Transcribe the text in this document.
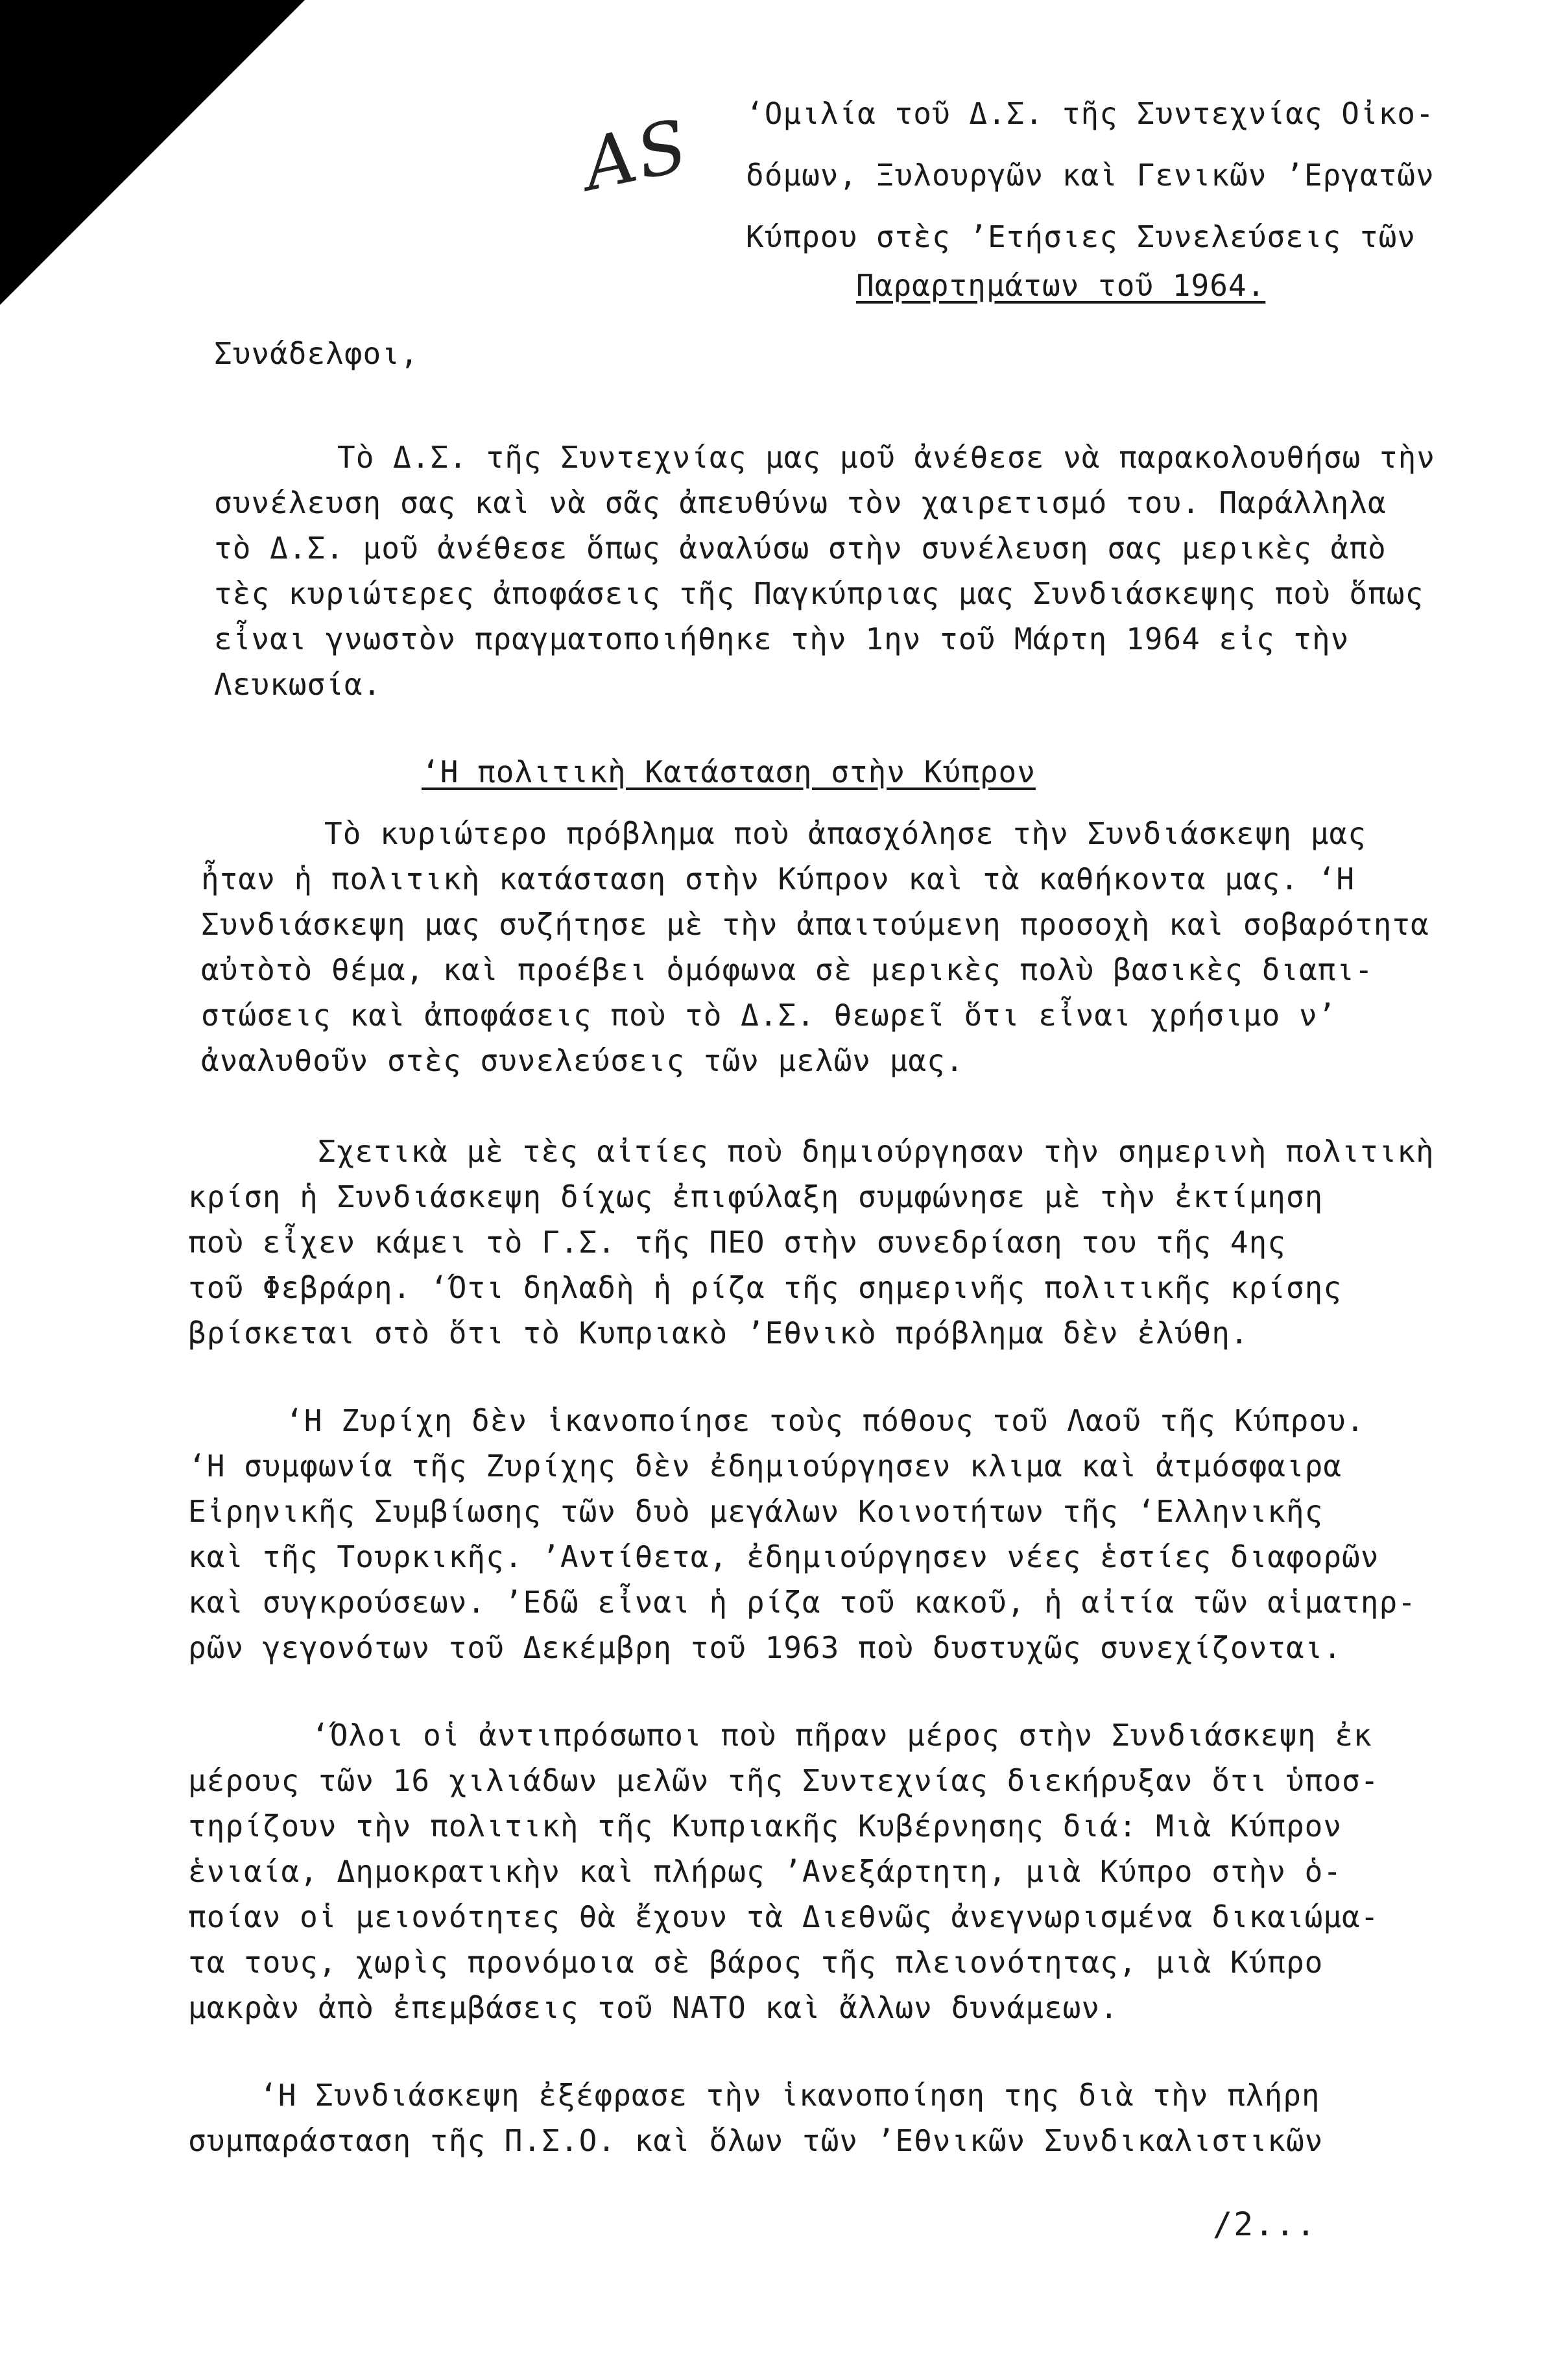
AS ‘Ομιλία τοῦ Δ.Σ. τῆς Συντεχνίας Οἰκο-
δόμων, Ξυλουργῶν καὶ Γενικῶν ’Εργατῶν
Κύπρου στὲς ’Ετήσιες Συνελεύσεις τῶν
Παραρτημάτων τοῦ 1964.
Συνάδελφοι,
Τὸ Δ.Σ. τῆς Συντεχνίας μας μοῦ ἀνέθεσε νὰ παρακολουθήσω τὴν
συνέλευση σας καὶ νὰ σᾶς ἀπευθύνω τὸν χαιρετισμό του. Παράλληλα
τὸ Δ.Σ. μοῦ ἀνέθεσε ὅπως ἀναλύσω στὴν συνέλευση σας μερικὲς ἀπὸ
τὲς κυριώτερες ἀποφάσεις τῆς Παγκύπριας μας Συνδιάσκεψης ποὺ ὅπως
εἶναι γνωστὸν πραγματοποιήθηκε τὴν 1ην τοῦ Μάρτη 1964 εἰς τὴν
Λευκωσία.
‘Η πολιτικὴ Κατάσταση στὴν Κύπρον
Τὸ κυριώτερο πρόβλημα ποὺ ἀπασχόλησε τὴν Συνδιάσκεψη μας
ἦταν ἡ πολιτικὴ κατάσταση στὴν Κύπρον καὶ τὰ καθήκοντα μας. ‘Η
Συνδιάσκεψη μας συζήτησε μὲ τὴν ἀπαιτούμενη προσοχὴ καὶ σοβαρότητα
αὐτὸτὸ θέμα, καὶ προέβει ὁμόφωνα σὲ μερικὲς πολὺ βασικὲς διαπι-
στώσεις καὶ ἀποφάσεις ποὺ τὸ Δ.Σ. θεωρεῖ ὅτι εἶναι χρήσιμο ν’
ἀναλυθοῦν στὲς συνελεύσεις τῶν μελῶν μας.
Σχετικὰ μὲ τὲς αἰτίες ποὺ δημιούργησαν τὴν σημερινὴ πολιτικὴ
κρίση ἡ Συνδιάσκεψη δίχως ἐπιφύλαξη συμφώνησε μὲ τὴν ἐκτίμηση
ποὺ εἶχεν κάμει τὸ Γ.Σ. τῆς ΠΕΟ στὴν συνεδρίαση του τῆς 4ης
τοῦ Φεβράρη. ‘Ότι δηλαδὴ ἡ ρίζα τῆς σημερινῆς πολιτικῆς κρίσης
βρίσκεται στὸ ὅτι τὸ Κυπριακὸ ’Εθνικὸ πρόβλημα δὲν ἐλύθη.
‘Η Ζυρίχη δὲν ἱκανοποίησε τοὺς πόθους τοῦ Λαοῦ τῆς Κύπρου.
‘Η συμφωνία τῆς Ζυρίχης δὲν ἐδημιούργησεν κλιμα καὶ ἀτμόσφαιρα
Εἰρηνικῆς Συμβίωσης τῶν δυὸ μεγάλων Κοινοτήτων τῆς ‘Ελληνικῆς
καὶ τῆς Τουρκικῆς. ’Αντίθετα, ἐδημιούργησεν νέες ἑστίες διαφορῶν
καὶ συγκρούσεων. ’Εδῶ εἶναι ἡ ρίζα τοῦ κακοῦ, ἡ αἰτία τῶν αἱματηρ-
ρῶν γεγονότων τοῦ Δεκέμβρη τοῦ 1963 ποὺ δυστυχῶς συνεχίζονται.
‘Όλοι οἱ ἀντιπρόσωποι ποὺ πῆραν μέρος στὴν Συνδιάσκεψη ἐκ
μέρους τῶν 16 χιλιάδων μελῶν τῆς Συντεχνίας διεκήρυξαν ὅτι ὑποσ-
τηρίζουν τὴν πολιτικὴ τῆς Κυπριακῆς Κυβέρνησης διά: Μιὰ Κύπρον
ἑνιαία, Δημοκρατικὴν καὶ πλήρως ’Ανεξάρτητη, μιὰ Κύπρο στὴν ὁ-
ποίαν οἱ μειονότητες θὰ ἔχουν τὰ Διεθνῶς ἀνεγνωρισμένα δικαιώμα-
τα τους, χωρὶς προνόμοια σὲ βάρος τῆς πλειονότητας, μιὰ Κύπρο
μακρὰν ἀπὸ ἐπεμβάσεις τοῦ ΝΑΤΟ καὶ ἄλλων δυνάμεων.
‘Η Συνδιάσκεψη ἐξέφρασε τὴν ἱκανοποίηση της διὰ τὴν πλήρη
συμπαράσταση τῆς Π.Σ.Ο. καὶ ὅλων τῶν ’Εθνικῶν Συνδικαλιστικῶν
/2...
